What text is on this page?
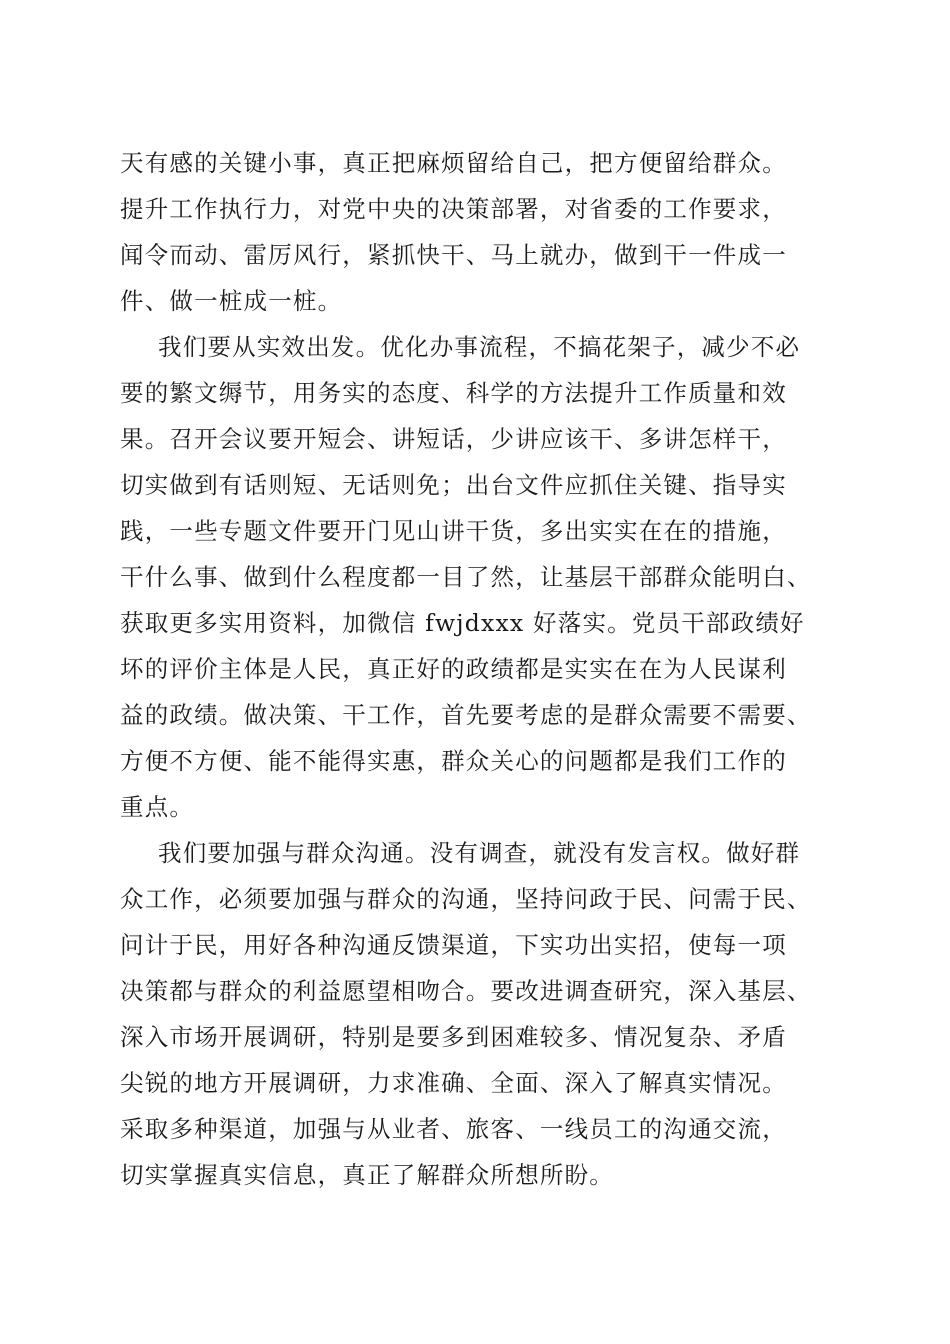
天有感的关键小事，真正把麻烦留给自己，把方便留给群众。
提升工作执行力，对党中央的决策部署，对省委的工作要求，
闻令而动、雷厉风行，紧抓快干、马上就办，做到干一件成一
件、做一桩成一桩。
我们要从实效出发。优化办事流程，不搞花架子，减少不必
要的繁文缛节，用务实的态度、科学的方法提升工作质量和效
果。召开会议要开短会、讲短话，少讲应该干、多讲怎样干，
切实做到有话则短、无话则免；出台文件应抓住关键、指导实
践，一些专题文件要开门见山讲干货，多出实实在在的措施，
干什么事、做到什么程度都一目了然，让基层干部群众能明白、
获取更多实用资料，加微信 fwjdxxx 好落实。党员干部政绩好
坏的评价主体是人民，真正好的政绩都是实实在在为人民谋利
益的政绩。做决策、干工作，首先要考虑的是群众需要不需要、
方便不方便、能不能得实惠，群众关心的问题都是我们工作的
重点。
我们要加强与群众沟通。没有调查，就没有发言权。做好群
众工作，必须要加强与群众的沟通，坚持问政于民、问需于民、
问计于民，用好各种沟通反馈渠道，下实功出实招，使每一项
决策都与群众的利益愿望相吻合。要改进调查研究，深入基层、
深入市场开展调研，特别是要多到困难较多、情况复杂、矛盾
尖锐的地方开展调研，力求准确、全面、深入了解真实情况。
采取多种渠道，加强与从业者、旅客、一线员工的沟通交流，
切实掌握真实信息，真正了解群众所想所盼。
